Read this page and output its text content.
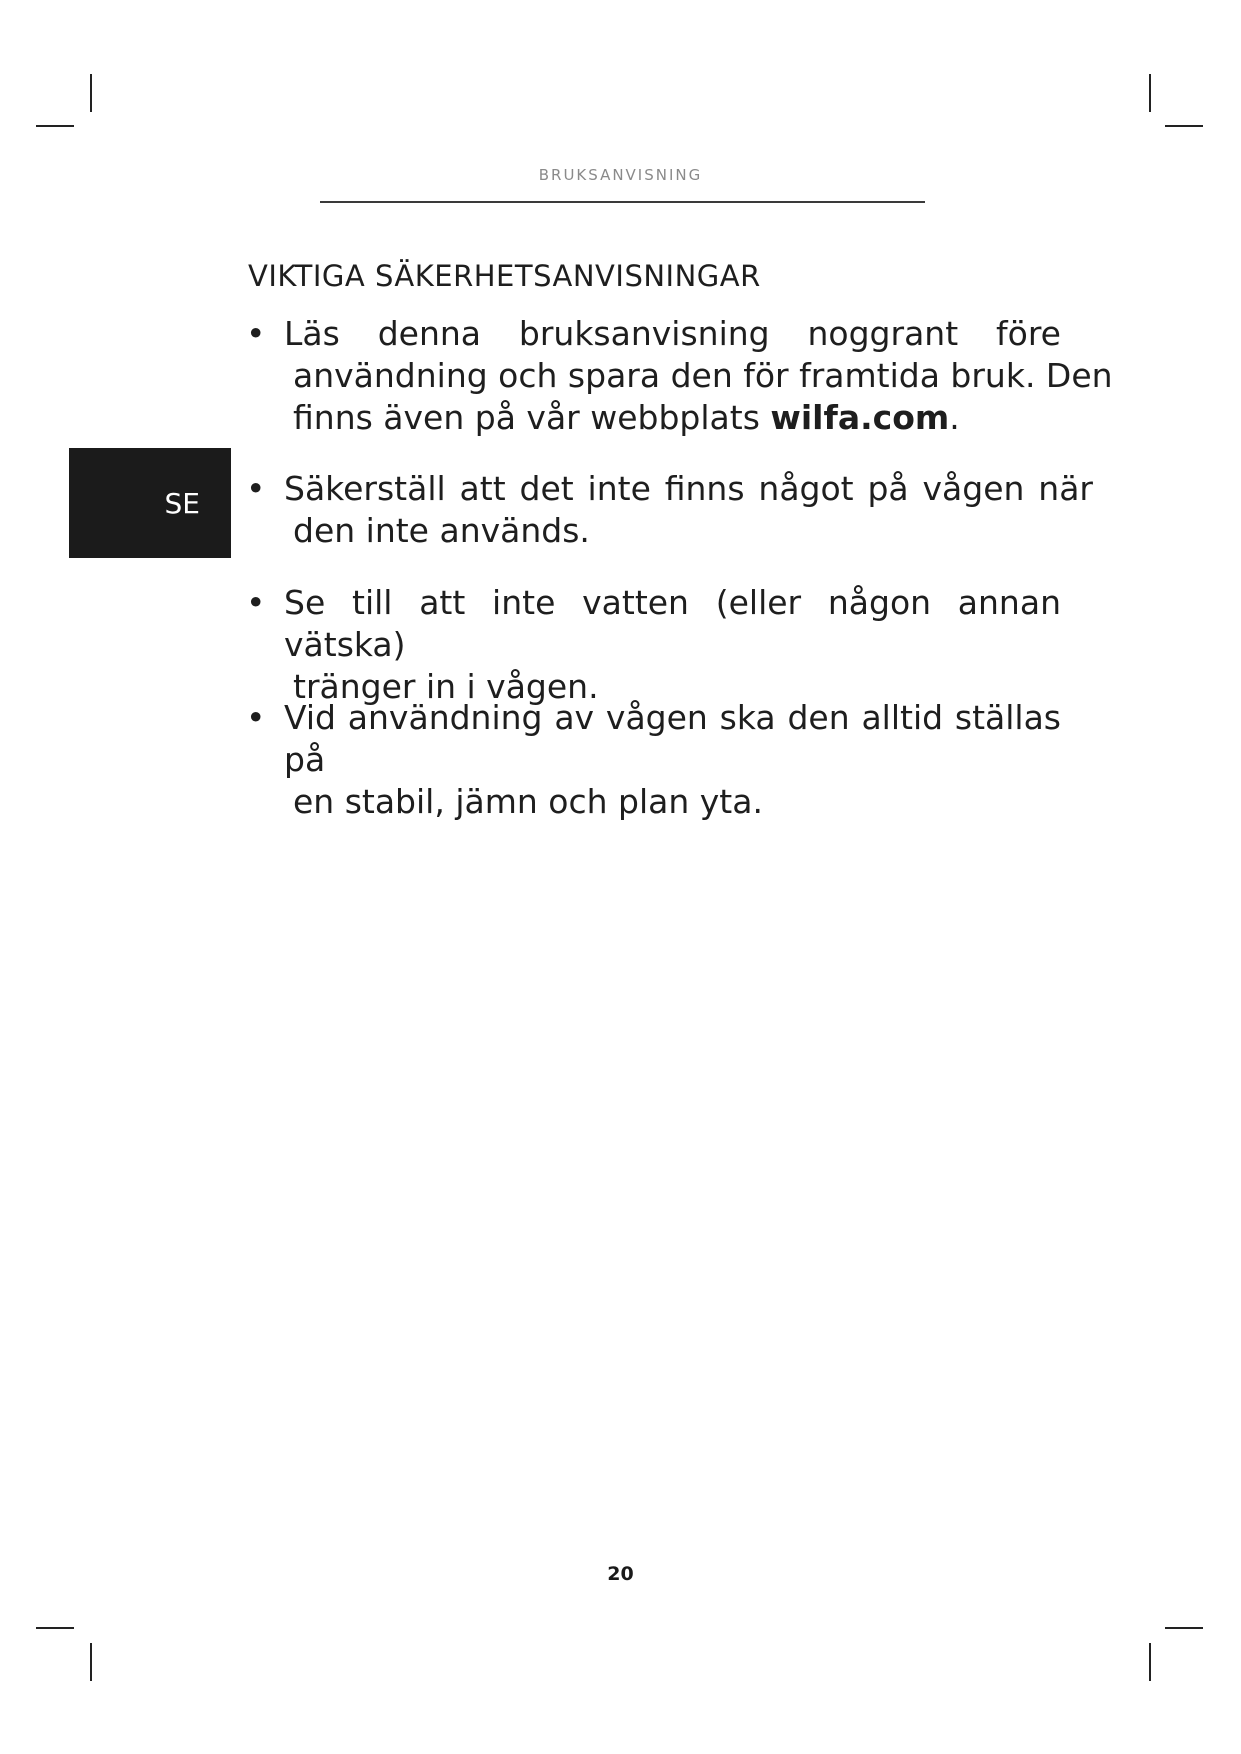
BRUKSANVISNING
SE
VIKTIGA SÄKERHETSANVISNINGAR
• Läs denna bruksanvisning noggrant före
användning och spara den för framtida bruk. Den
finns även på vår webbplats wilfa.com.
• Säkerställ att det inte finns något på vågen när
den inte används.
• Se till att inte vatten (eller någon annan vätska)
tränger in i vågen.
• Vid användning av vågen ska den alltid ställas på
en stabil, jämn och plan yta.
20
